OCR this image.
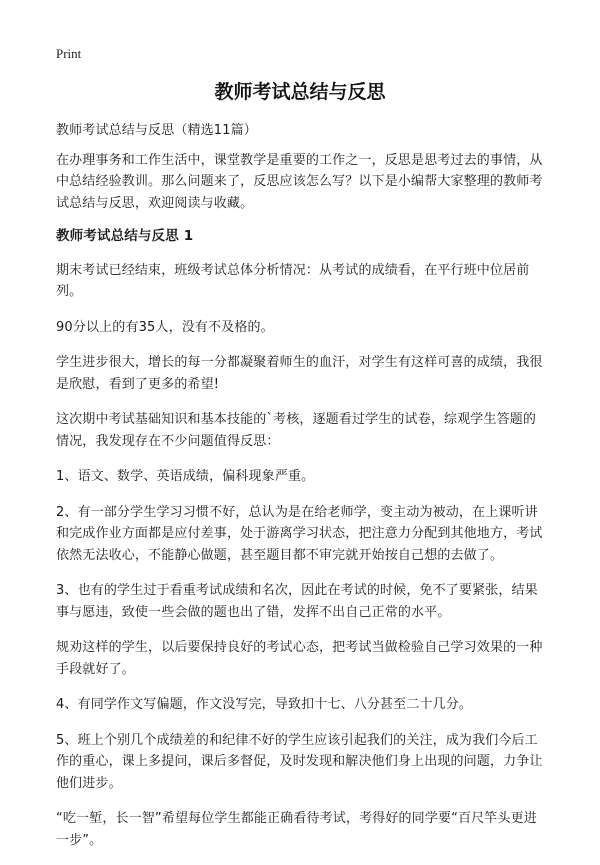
Print
教师考试总结与反思

教师考试总结与反思（精选11篇）

在办理事务和工作生活中，课堂教学是重要的工作之一，反思是思考过去的事情，从中总结经验教训。那么问题来了，反思应该怎么写？以下是小编帮大家整理的教师考试总结与反思，欢迎阅读与收藏。

教师考试总结与反思 1

期末考试已经结束，班级考试总体分析情况：从考试的成绩看，在平行班中位居前列。

90分以上的有35人，没有不及格的。

学生进步很大，增长的每一分都凝聚着师生的血汗，对学生有这样可喜的成绩，我很是欣慰，看到了更多的希望!

这次期中考试基础知识和基本技能的`考核，逐题看过学生的试卷，综观学生答题的情况，我发现存在不少问题值得反思：

1、语文、数学、英语成绩，偏科现象严重。

2、有一部分学生学习习惯不好，总认为是在给老师学，变主动为被动，在上课听讲和完成作业方面都是应付差事，处于游离学习状态，把注意力分配到其他地方，考试依然无法收心，不能静心做题，甚至题目都不审完就开始按自己想的去做了。

3、也有的学生过于看重考试成绩和名次，因此在考试的时候，免不了要紧张，结果事与愿违，致使一些会做的题也出了错，发挥不出自己正常的水平。

规劝这样的学生，以后要保持良好的考试心态，把考试当做检验自己学习效果的一种手段就好了。

4、有同学作文写偏题，作文没写完，导致扣十七、八分甚至二十几分。

5、班上个别几个成绩差的和纪律不好的学生应该引起我们的关注，成为我们今后工作的重心，课上多提问，课后多督促，及时发现和解决他们身上出现的问题，力争让他们进步。

“吃一堑，长一智”希望每位学生都能正确看待考试，考得好的同学要“百尺竿头更进一步”。
